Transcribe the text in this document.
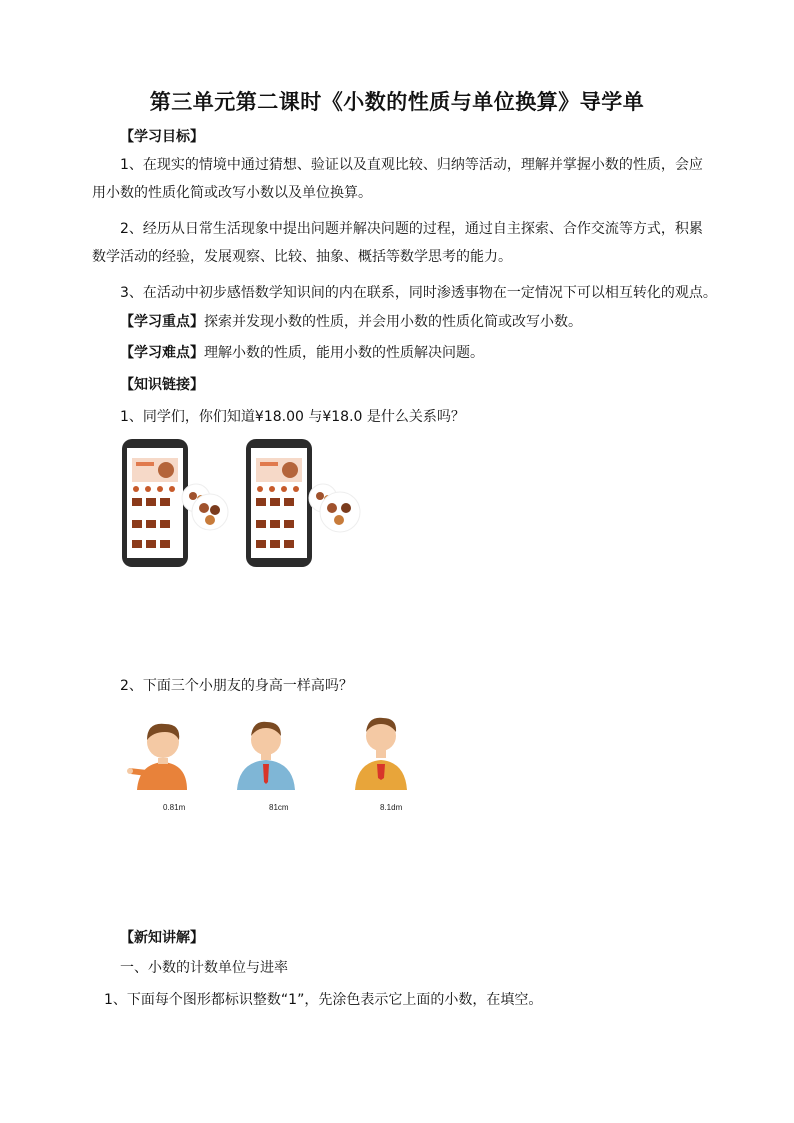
第三单元第二课时《小数的性质与单位换算》导学单
【学习目标】
1、在现实的情境中通过猜想、验证以及直观比较、归纳等活动，理解并掌握小数的性质，会应
用小数的性质化简或改写小数以及单位换算。
2、经历从日常生活现象中提出问题并解决问题的过程，通过自主探索、合作交流等方式，积累
数学活动的经验，发展观察、比较、抽象、概括等数学思考的能力。
3、在活动中初步感悟数学知识间的内在联系，同时渗透事物在一定情况下可以相互转化的观点。
【学习重点】探索并发现小数的性质，并会用小数的性质化简或改写小数。
【学习难点】理解小数的性质，能用小数的性质解决问题。
【知识链接】
1、同学们，你们知道¥18.00 与¥18.0 是什么关系吗？
2、下面三个小朋友的身高一样高吗？
0.81m	81cm	8.1dm
【新知讲解】
一、小数的计数单位与进率
1、下面每个图形都标识整数“1”，先涂色表示它上面的小数，在填空。
